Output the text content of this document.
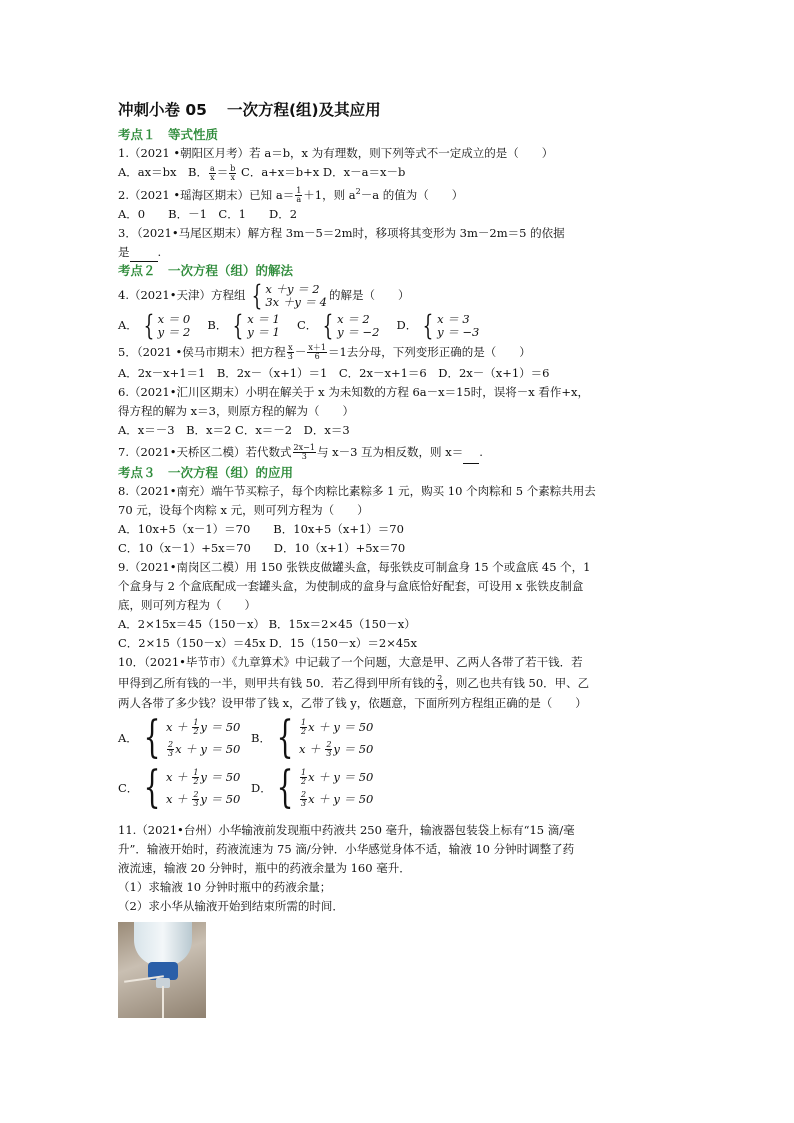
冲刺小卷 05 一次方程(组)及其应用
考点１　等式性质
1.（2021 •朝阳区月考）若 a＝b，x 为有理数，则下列等式不一定成立的是（　　）
A．ax＝bx　B． $\frac{a}{x} = \frac{b}{x}$ C．a+x＝b+x D．x－a＝x－b
2.（2021 •瑶海区期末）已知 $a= \frac{1}{a} +1$，则 $a^2-a$ 的值为（　　）
A．0　　B．－1　C．1　　D．2
3．（2021•马尾区期末）解方程 3m－5＝2m时，移项将其变形为 3m－2m＝5 的依据
是 .
考点２　一次方程（组）的解法
4.（2021•天津）方程组 { x ＋y ＝ 2
3x ＋y ＝ 4 的解是（　　）
A． { x ＝ 0
y ＝ 2 　B． { x ＝ 1
y ＝ 1 　C． { x ＝ 2
y ＝ −2 　D． { x ＝ 3
y ＝ −3
5．（2021 •侯马市期末）把方程 $\frac{x}{3} - \frac{x+1}{6} =1$去分母，下列变形正确的是（　　）
A．2x－x+1＝1　B．2x－（x+1）＝1　C．2x－x+1＝6　D．2x－（x+1）＝6
6.（2021•汇川区期末）小明在解关于 x 为未知数的方程 6a－x＝15时，误将－x 看作+x，
得方程的解为 x＝3，则原方程的解为（　　）
A．x＝－3　B．x＝2 C．x＝－2　D．x＝3
7.（2021•天桥区二模）若代数式 $\frac{2x-1}{3}$ 与 x－3 互为相反数，则 x＝ .
考点３　一次方程（组）的应用
8.（2021•南充）端午节买粽子，每个肉粽比素粽多 1 元，购买 10 个肉粽和 5 个素粽共用去
70 元，设每个肉粽 x 元，则可列方程为（　　）
A．10x+5（x－1）＝70　　B．10x+5（x+1）＝70
C．10（x－1）+5x＝70　　D．10（x+1）+5x＝70
9.（2021•南岗区二模）用 150 张铁皮做罐头盒，每张铁皮可制盒身 15 个或盒底 45 个，1
个盒身与 2 个盒底配成一套罐头盒，为使制成的盒身与盒底恰好配套，可设用 x 张铁皮制盒
底，则可列方程为（　　）
A．2×15x＝45（150－x） B．15x＝2×45（150－x）
C．2×15（150－x）＝45x D．15（150－x）＝2×45x
10．（2021•毕节市）《九章算术》中记载了一个问题，大意是甲、乙两人各带了若干钱．若
甲得到乙所有钱的一半，则甲共有钱 50．若乙得到甲所有钱的 $\frac{2}{3}$ ，则乙也共有钱 50．甲、乙
两人各带了多少钱？设甲带了钱 x，乙带了钱 y，依题意，下面所列方程组正确的是（　　）
A． { $x + \frac{1}{2}$ y ＝ 50
$\frac{2}{3}$ x ＋ y ＝ 50
B． { $\frac{1}{2}$ x ＋ y ＝ 50
$x + \frac{2}{3}$ y ＝ 50
C． { $x + \frac{1}{2}$ y ＝ 50
$x + \frac{2}{3}$ y ＝ 50
D． { $\frac{1}{2}$ x ＋ y ＝ 50
$\frac{2}{3}$ x ＋ y ＝ 50
11.（2021•台州）小华输液前发现瓶中药液共 250 毫升，输液器包装袋上标有“15 滴/毫
升”．输液开始时，药液流速为 75 滴/分钟．小华感觉身体不适，输液 10 分钟时调整了药
液流速，输液 20 分钟时，瓶中的药液余量为 160 毫升．
（1）求输液 10 分钟时瓶中的药液余量；
（2）求小华从输液开始到结束所需的时间．
